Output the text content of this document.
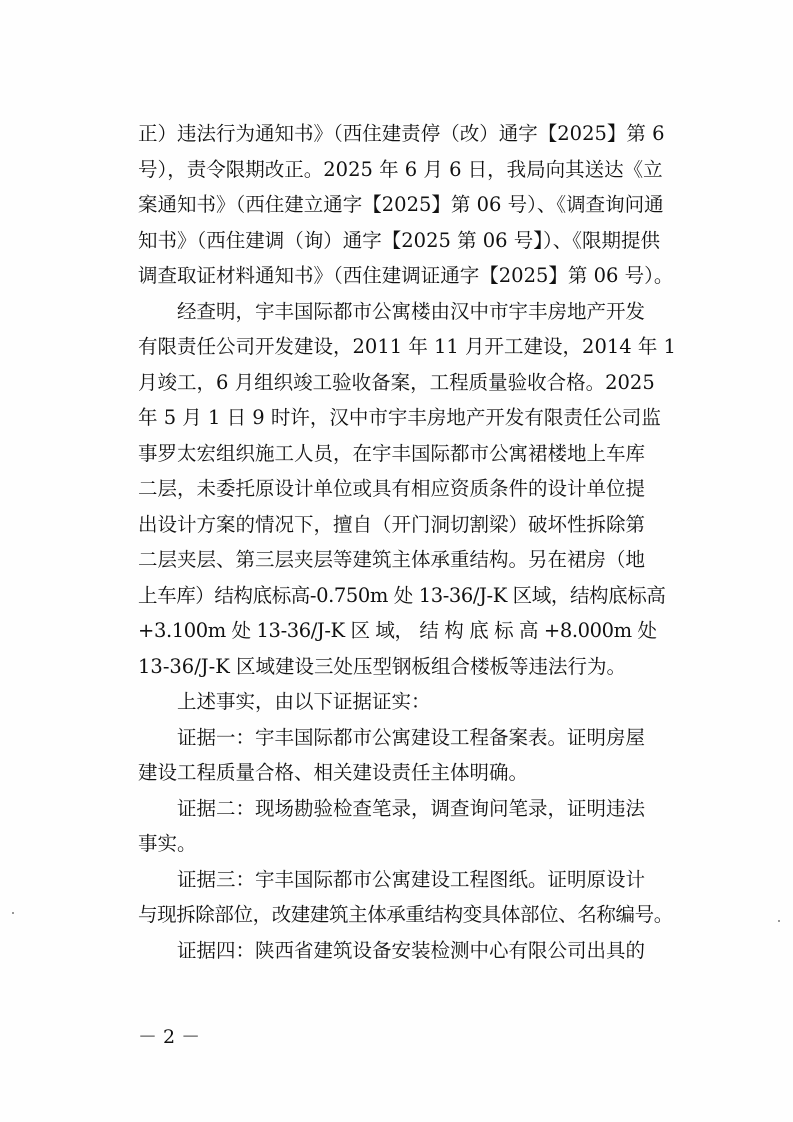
正）违法行为通知书》（西住建责停（改）通字【2025】第 6
号），责令限期改正。2025 年 6 月 6 日，我局向其送达《立
案通知书》（西住建立通字【2025】第 06 号）、《调查询问通
知书》（西住建调（询）通字【2025 第 06 号】）、《限期提供
调查取证材料通知书》（西住建调证通字【2025】第 06 号）。
经查明，宇丰国际都市公寓楼由汉中市宇丰房地产开发
有限责任公司开发建设，2011 年 11 月开工建设，2014 年 1
月竣工，6 月组织竣工验收备案，工程质量验收合格。2025
年 5 月 1 日 9 时许，汉中市宇丰房地产开发有限责任公司监
事罗太宏组织施工人员，在宇丰国际都市公寓裙楼地上车库
二层，未委托原设计单位或具有相应资质条件的设计单位提
出设计方案的情况下，擅自（开门洞切割梁）破坏性拆除第
二层夹层、第三层夹层等建筑主体承重结构。另在裙房（地
上车库）结构底标高-0.750m 处 13-36/J-K 区域，结构底标高
+3.100m 处 13-36/J-K 区 域， 结 构 底 标 高 +8.000m 处
13-36/J-K 区域建设三处压型钢板组合楼板等违法行为。
上述事实，由以下证据证实：
证据一：宇丰国际都市公寓建设工程备案表。证明房屋
建设工程质量合格、相关建设责任主体明确。
证据二：现场勘验检查笔录，调查询问笔录，证明违法
事实。
证据三：宇丰国际都市公寓建设工程图纸。证明原设计
与现拆除部位，改建建筑主体承重结构变具体部位、名称编号。
证据四：陕西省建筑设备安装检测中心有限公司出具的
－ 2 －
